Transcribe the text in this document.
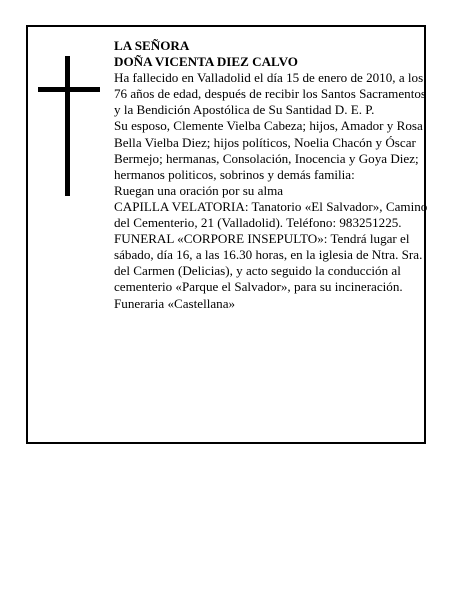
LA SEÑORA

DOÑA VICENTA DIEZ CALVO

Ha fallecido en Valladolid el día 15 de enero de 2010, a los 76 años de edad, después de recibir los Santos Sacramentos y la Bendición Apostólica de Su Santidad D. E. P.

Su esposo, Clemente Vielba Cabeza; hijos, Amador y Rosa Bella Vielba Diez; hijos políticos, Noelia Chacón y Óscar Bermejo; hermanas, Consolación, Inocencia y Goya Diez; hermanos politicos, sobrinos y demás familia:

Ruegan una oración por su alma

CAPILLA VELATORIA: Tanatorio «El Salvador», Camino del Cementerio, 21 (Valladolid). Teléfono: 983251225.

FUNERAL «CORPORE INSEPULTO»: Tendrá lugar el sábado, día 16, a las 16.30 horas, en la iglesia de Ntra. Sra. del Carmen (Delicias), y acto seguido la conducción al cementerio «Parque el Salvador», para su incineración.

Funeraria «Castellana»
